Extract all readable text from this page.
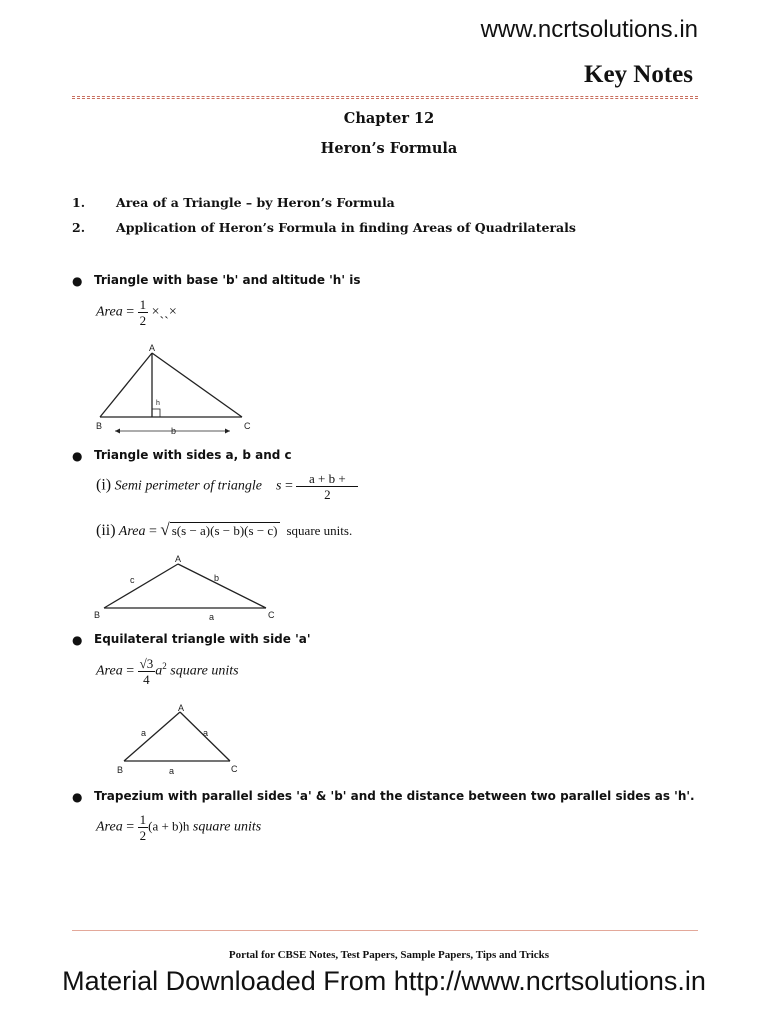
www.ncrtsolutions.in
Key Notes
Chapter 12
Heron’s Formula
1. Area of a Triangle – by Heron’s Formula
2. Application of Heron’s Formula in finding Areas of Quadrilaterals
● Triangle with base 'b' and altitude 'h' is
Area = $\frac{1}{2}$ ×ˎˎ×
A
B	C
h
b
● Triangle with sides a, b and c
(i) Semi perimeter of triangle $s = \frac{a + b +}{2}$
(ii) Area = √ s(s − a)(s − b)(s − c) square units.
A
B	C
c	b
a
● Equilateral triangle with side 'a'
Area = $\frac{√3}{4} a^2$ square units
A
B	C
a	a
a
● Trapezium with parallel sides 'a' & 'b' and the distance between two parallel sides as 'h'.
Area = $\frac{1}{2} (a + b)h$ square units
Portal for CBSE Notes, Test Papers, Sample Papers, Tips and Tricks
Material Downloaded From http://www.ncrtsolutions.in
